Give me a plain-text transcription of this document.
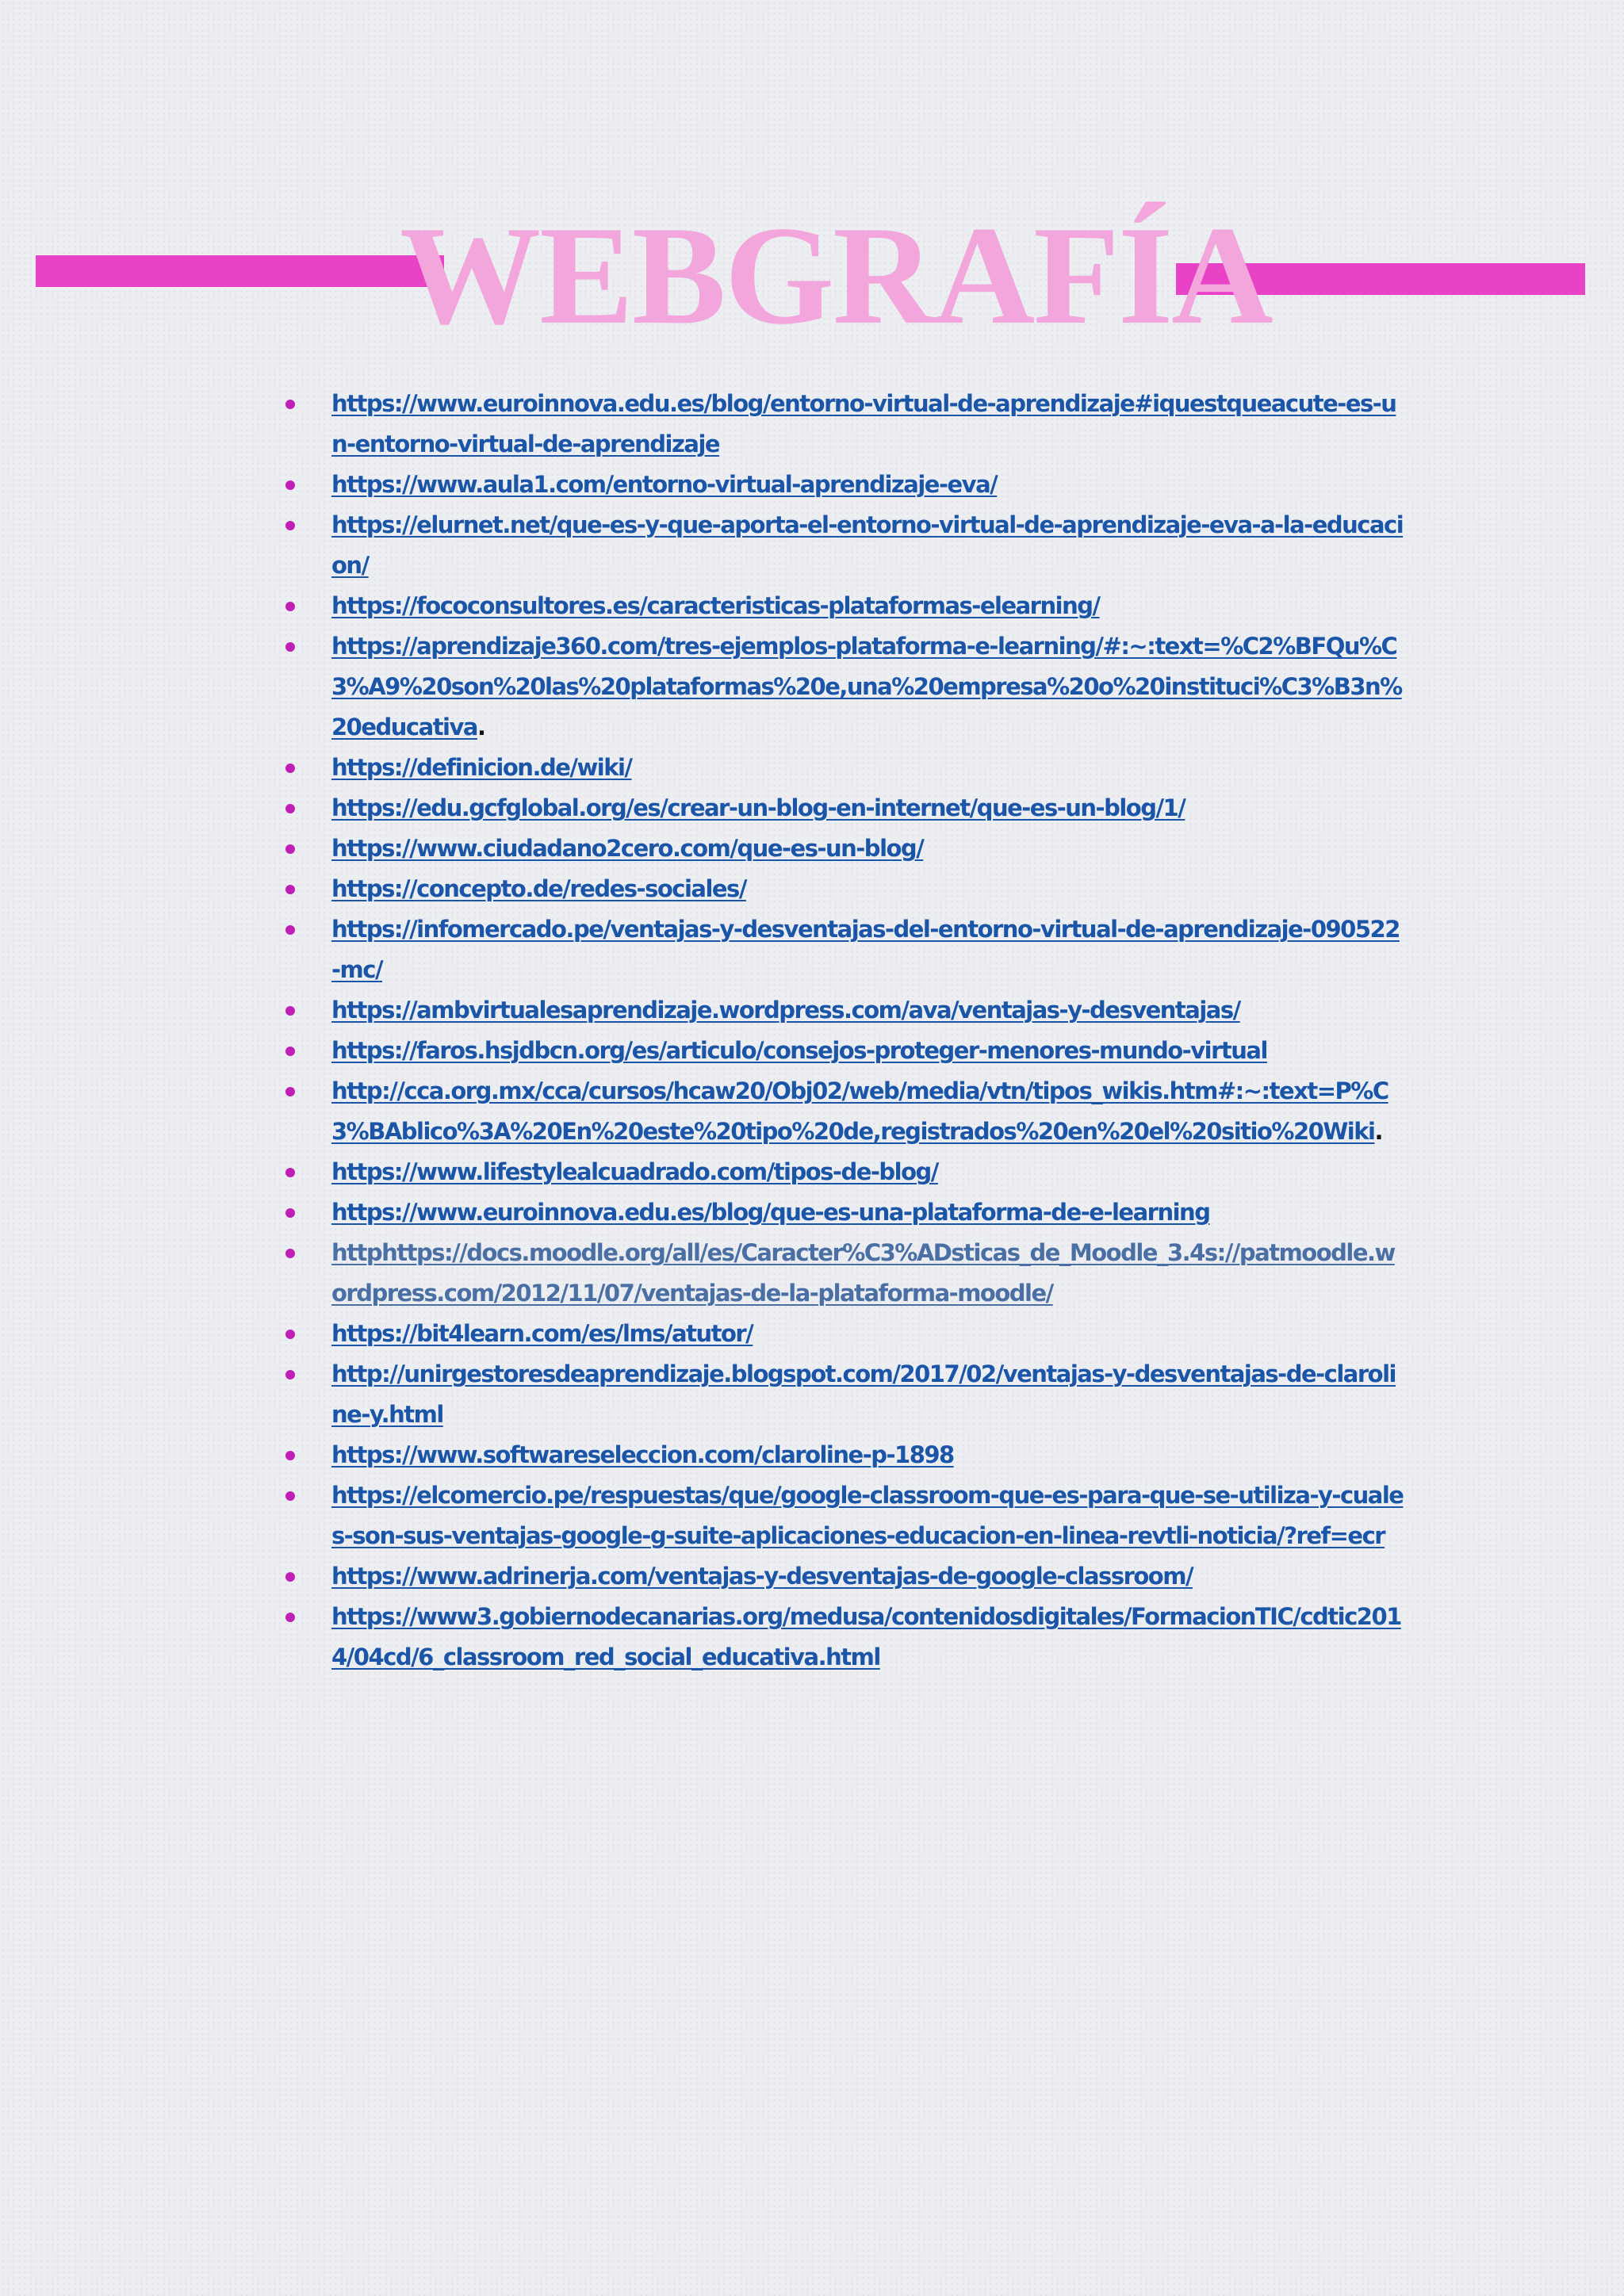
WEBGRAFÍA
https://www.euroinnova.edu.es/blog/entorno-virtual-de-aprendizaje#iquestqueacute-es-un-entorno-virtual-de-aprendizaje
https://www.aula1.com/entorno-virtual-aprendizaje-eva/
https://elurnet.net/que-es-y-que-aporta-el-entorno-virtual-de-aprendizaje-eva-a-la-educacion/
https://fococonsultores.es/caracteristicas-plataformas-elearning/
https://aprendizaje360.com/tres-ejemplos-plataforma-e-learning/#:~:text=%C2%BFQu%C3%A9%20son%20las%20plataformas%20e,una%20empresa%20o%20instituci%C3%B3n%20educativa.
https://definicion.de/wiki/
https://edu.gcfglobal.org/es/crear-un-blog-en-internet/que-es-un-blog/1/
https://www.ciudadano2cero.com/que-es-un-blog/
https://concepto.de/redes-sociales/
https://infomercado.pe/ventajas-y-desventajas-del-entorno-virtual-de-aprendizaje-090522-mc/
https://ambvirtualesaprendizaje.wordpress.com/ava/ventajas-y-desventajas/
https://faros.hsjdbcn.org/es/articulo/consejos-proteger-menores-mundo-virtual
http://cca.org.mx/cca/cursos/hcaw20/Obj02/web/media/vtn/tipos_wikis.htm#:~:text=P%C3%BAblico%3A%20En%20este%20tipo%20de,registrados%20en%20el%20sitio%20Wiki.
https://www.lifestylealcuadrado.com/tipos-de-blog/
https://www.euroinnova.edu.es/blog/que-es-una-plataforma-de-e-learning
httphttps://docs.moodle.org/all/es/Caracter%C3%ADsticas_de_Moodle_3.4s://patmoodle.wordpress.com/2012/11/07/ventajas-de-la-plataforma-moodle/
https://bit4learn.com/es/lms/atutor/
http://unirgestoresdeaprendizaje.blogspot.com/2017/02/ventajas-y-desventajas-de-claroline-y.html
https://www.softwareseleccion.com/claroline-p-1898
https://elcomercio.pe/respuestas/que/google-classroom-que-es-para-que-se-utiliza-y-cuales-son-sus-ventajas-google-g-suite-aplicaciones-educacion-en-linea-revtli-noticia/?ref=ecr
https://www.adrinerja.com/ventajas-y-desventajas-de-google-classroom/
https://www3.gobiernodecanarias.org/medusa/contenidosdigitales/FormacionTIC/cdtic2014/04cd/6_classroom_red_social_educativa.html
